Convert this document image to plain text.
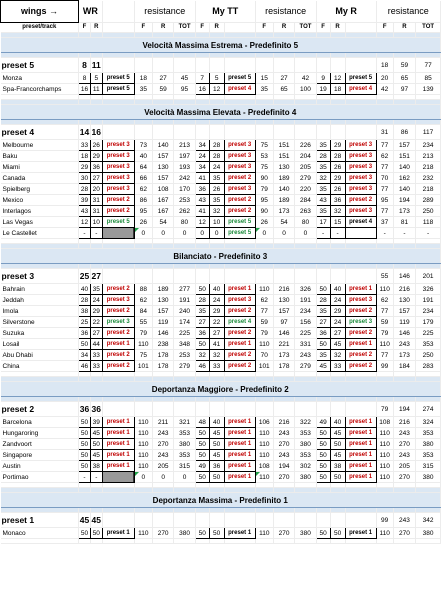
wings →	WR			resistance			My TT			resistance			My R			resistance		
preset/track	F	R		F	R	TOT	F	R		F	R	TOT	F	R		F	R	TOT

Velocità Massima Estrema - Predefinito 5																		

preset 5	8	11														18	59	77
Monza	8	5	preset 5	18	27	45	7	5	preset 5	15	27	42	9	12	preset 5	20	65	85
Spa-Francorchamps	16	11	preset 5	35	59	95	16	12	preset 4	35	65	100	19	18	preset 4	42	97	139

Velocità Massima Elevata - Predefinito 4																		

preset 4	14	16														31	86	117
Melbourne	33	26	preset 3	73	140	213	34	28	preset 3	75	151	226	35	29	preset 3	77	157	234
Baku	18	29	preset 3	40	157	197	24	28	preset 3	53	151	204	28	28	preset 3	62	151	213
Miami	29	36	preset 3	64	130	193	34	24	preset 3	75	130	205	35	26	preset 3	77	140	218
Canada	30	27	preset 3	66	157	242	41	35	preset 2	90	189	279	32	29	preset 3	70	162	232
Spielberg	28	20	preset 3	62	108	170	36	26	preset 3	79	140	220	35	26	preset 3	77	140	218
Mexico	39	31	preset 2	86	167	253	43	35	preset 2	95	189	284	43	36	preset 2	95	194	289
Interlagos	43	31	preset 2	95	167	262	41	32	preset 2	90	173	263	35	32	preset 3	77	173	250
Las Vegas	12	10	preset 5	26	54	80	12	10	preset 5	26	54	80	17	15	preset 4	37	81	118
Le Castellet	-	-		0	0	0	0	0	preset 5	0	0	0	-	-		-	-	-

Bilanciato - Predefinito 3																		

preset 3	25	27														55	146	201
Bahrain	40	35	preset 2	88	189	277	50	40	preset 1	110	216	326	50	40	preset 1	110	216	326
Jeddah	28	24	preset 3	62	130	191	28	24	preset 3	62	130	191	28	24	preset 3	62	130	191
Imola	38	29	preset 2	84	157	240	35	29	preset 2	77	157	234	35	29	preset 2	77	157	234
Silverstone	25	22	preset 3	55	119	174	27	22	preset 4	59	97	156	27	24	preset 3	59	119	179
Suzuka	36	27	preset 2	79	146	225	36	27	preset 2	79	146	225	36	27	preset 2	79	146	225
Losail	50	44	preset 1	110	238	348	50	41	preset 1	110	221	331	50	45	preset 1	110	243	353
Abu Dhabi	34	33	preset 2	75	178	253	32	32	preset 2	70	173	243	35	32	preset 2	77	173	250
China	46	33	preset 2	101	178	279	46	33	preset 2	101	178	279	45	33	preset 2	99	184	283

Deportanza Maggiore - Predefinito 2																		

preset 2	36	36														79	194	274
Barcelona	50	39	preset 1	110	211	321	48	40	preset 1	106	216	322	49	40	preset 1	108	216	324
Hungaroring	50	45	preset 1	110	243	353	50	45	preset 1	110	243	353	50	45	preset 1	110	243	353
Zandvoort	50	50	preset 1	110	270	380	50	50	preset 1	110	270	380	50	50	preset 1	110	270	380
Singapore	50	45	preset 1	110	243	353	50	45	preset 1	110	243	353	50	45	preset 1	110	243	353
Austin	50	38	preset 1	110	205	315	49	36	preset 1	108	194	302	50	38	preset 1	110	205	315
Portimao	-	-		0	0	0	50	50	preset 1	110	270	380	50	50	preset 1	110	270	380

Deportanza Massima - Predefinito 1																		

preset 1	45	45														99	243	342
Monaco	50	50	preset 1	110	270	380	50	50	preset 1	110	270	380	50	50	preset 1	110	270	380
